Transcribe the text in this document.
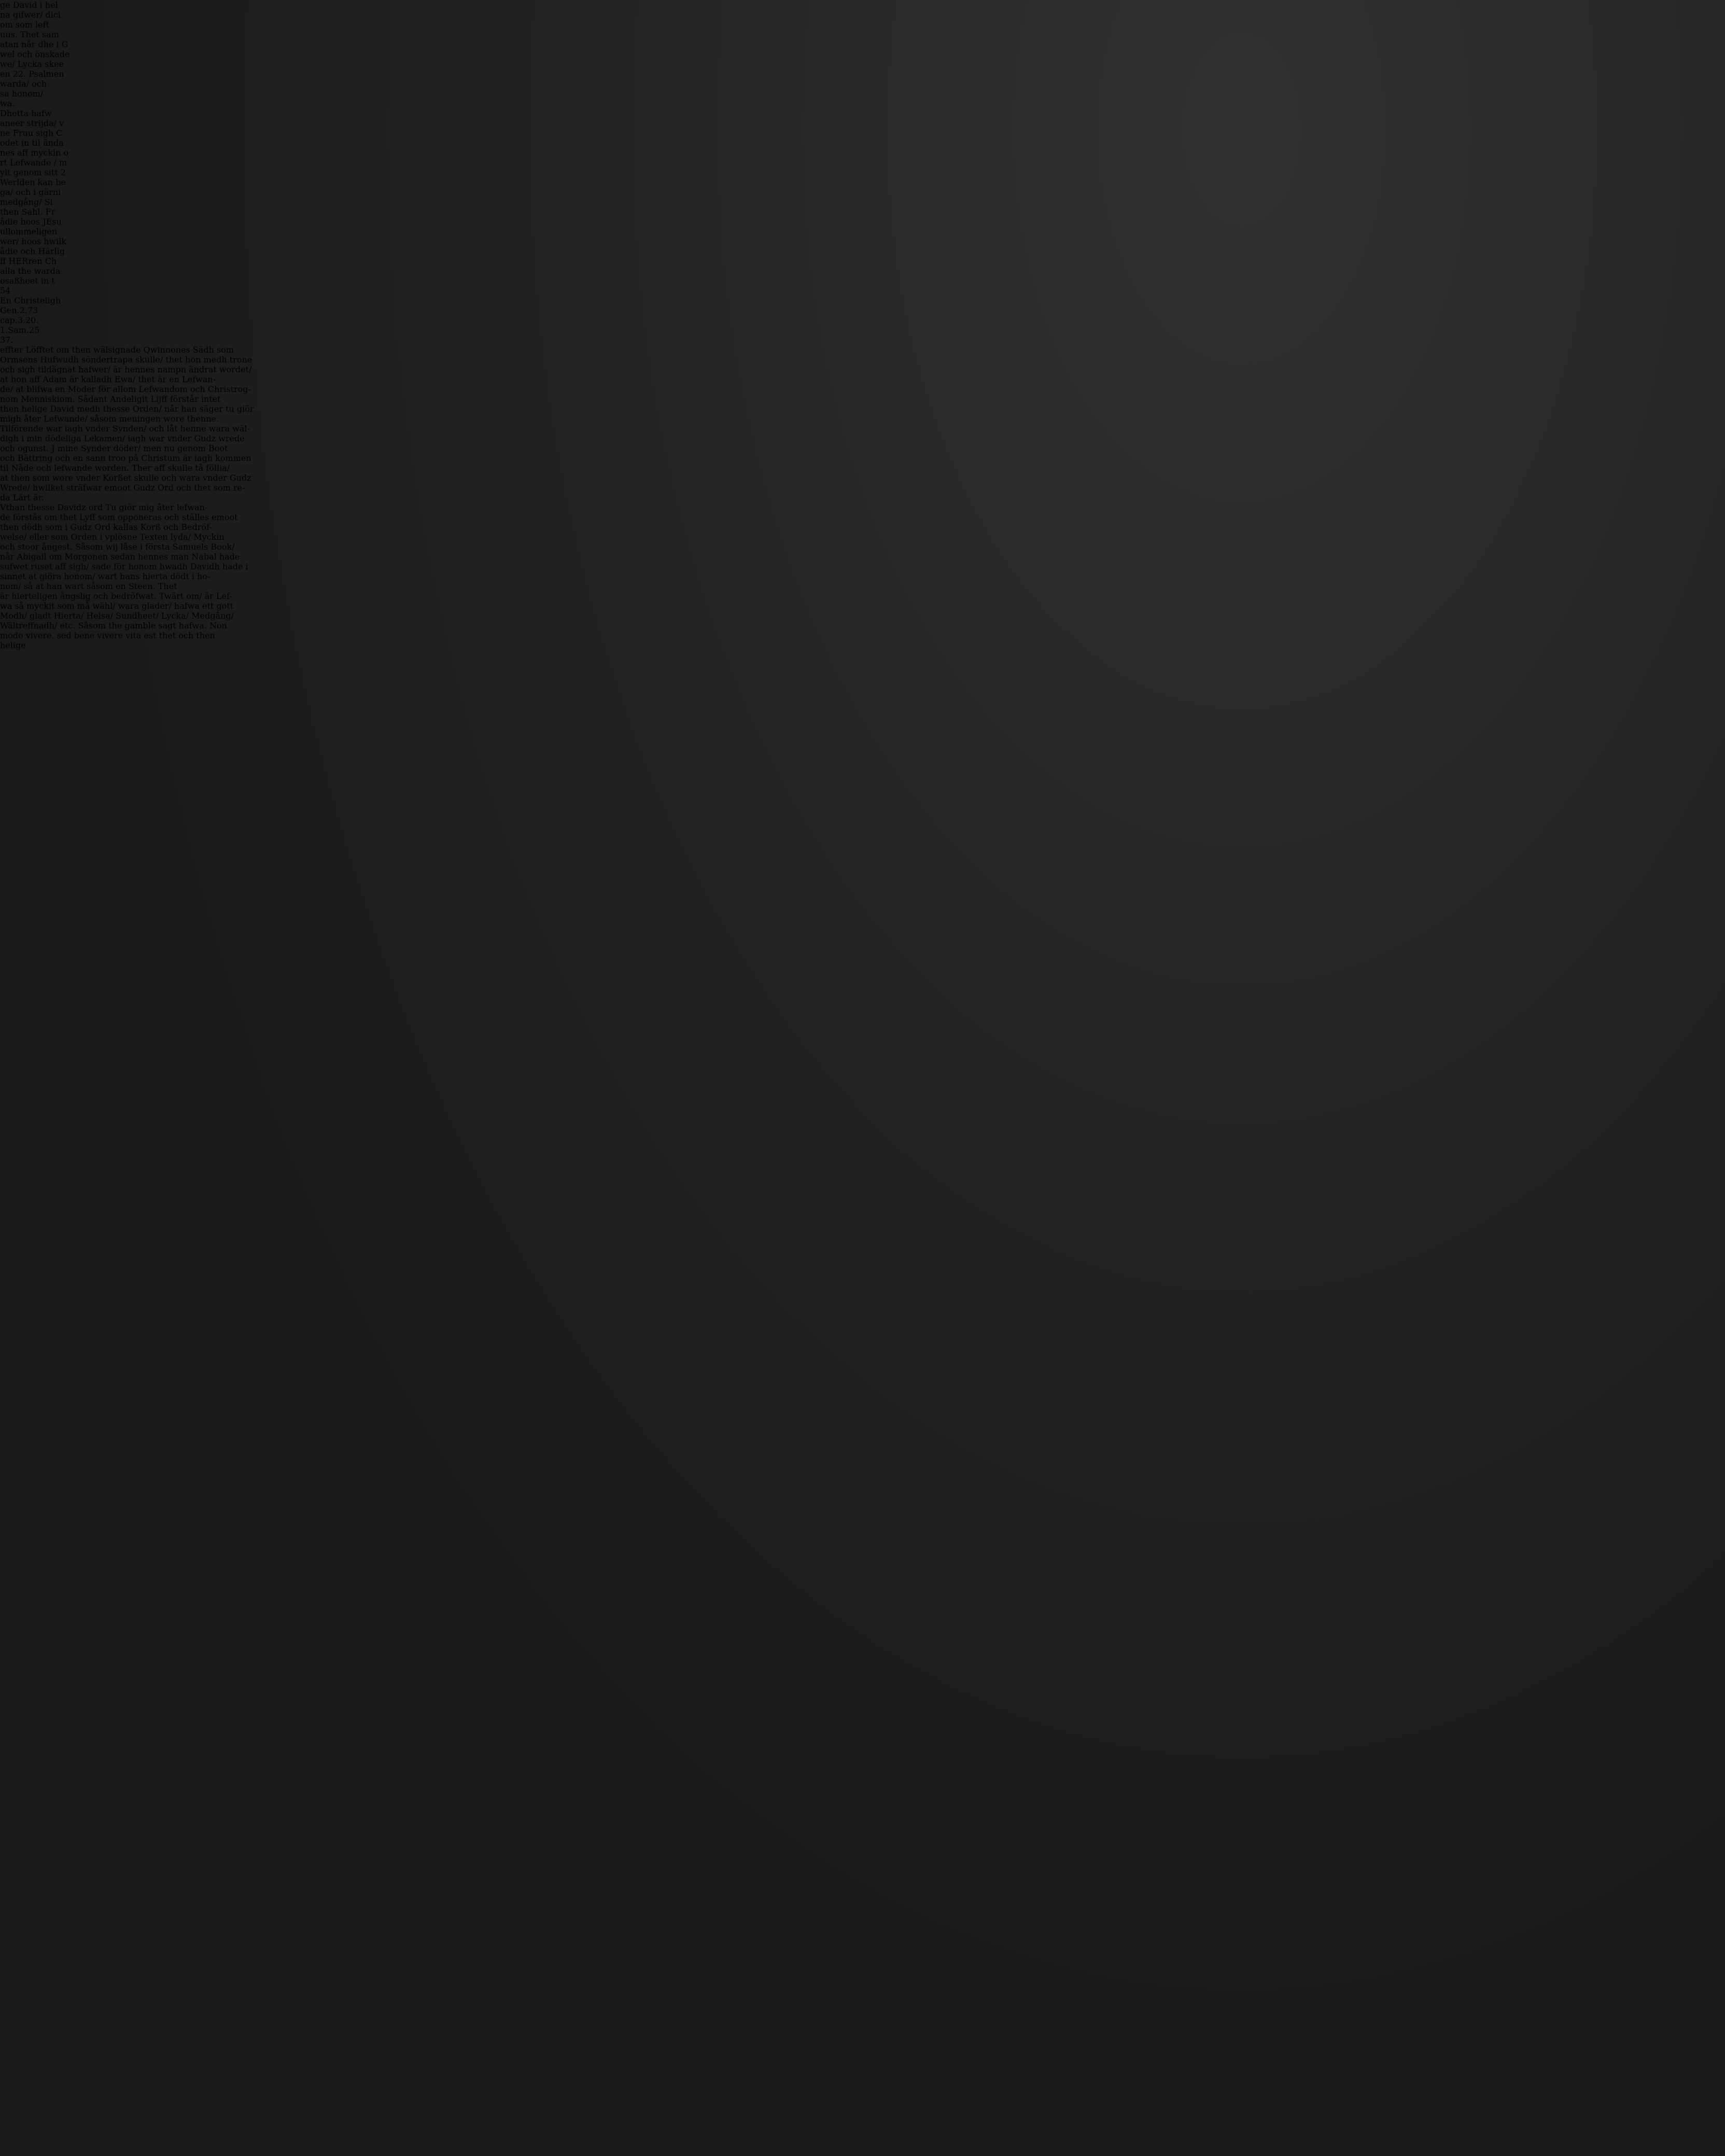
ge David i hel
na gifwer/ dici
om som left
uus. Thet sam
atan når dhe i G
wel och önskade
we/ Lycka skee
en 22. Psalmen
warda/ och
sa honom/
wa.
Dhetta hafw
aneer strijda/ v
ne Fruu sigh C
odet in til ända
nes aff myckin o
rt Lefwande / m
ylt genom sitt 2
Werlden kan be
ga/ och i gärni
medgång/ Si
then Sahl. Fr
ådie hoos JEsu
ullommeligen
wer/ hoos hwilk
ådie och Härlig
ff HERren Ch
alla the warda
osaßheet in t
54
En Christeligh
Gen.2.73
cap.3.20.
1.Sam.25
37.
effter Löfftet om then wälsignade Qwinnones Sädh som
Ormsens Hufwudh söndertrapa skulle/ thet hon medh trone
och sigh tildägnat hafwer/ är hennes nampn ändrat wordet/
at hon aff Adam är kalladh Ewa/ thet är en Lefwan-
de/ at blifwa en Moder för allom Lefwandom och Christrog-
nom Menniskiom. Sådant Andeligit Lijff förstår intet
then helige David medh thesse Orden/ når han säger tu giör
migh åter Lefwande/ såsom meningen wore thenne.
Tilförende war iagh vnder Synden/ och låt henne wara wäl-
digh i min dödeliga Lekamen/ iagh war vnder Gudz wrede
och ogunst. J mine Synder döder/ men nu genom Boot
och Bättring och en sann troo på Christum är iagh kommen
til Nåde och lefwande worden. Ther aff skulle tå föllia/
at then som wore vnder Korßet skulle och wara vnder Gudz
Wrede/ hwilket sträfwar emoot Gudz Ord och thet som re-
da Lärt är.
Vthan thesse Davidz ord Tu giör mig åter lefwan-
de förstås om thet Lyff som opponeras och ställes emoot
then dödh som i Gudz Ord kallas Korß och Bedröf-
welse/ eller som Orden i vplösne Texten lyda/ Myckin
och stoor ångest. Såsom wij låse i första Samuels Book/
når Abigail om Morgonen sedan hennes man Nabal hade
sufwet ruset aff sigh/ sade för honom hwadh Davidh hade i
sinnet at giöra honom/ wart hans hierta dödt i ho-
nom/ så at han wart såsom en Steen. Thet
är hierteligen ångslig och bedröfwat. Twärt om/ är Lef-
wa så myckit som må wähl/ wara glader/ hafwa ett gott
Modh/ gladt Hierta/ Helsa/ Sundheet/ Lycka/ Medgång/
Wältreffnadh/ etc. Såsom the gamble sagt hafwa. Non
modo vivere, sed bene vivere vita est thet och then
helige
